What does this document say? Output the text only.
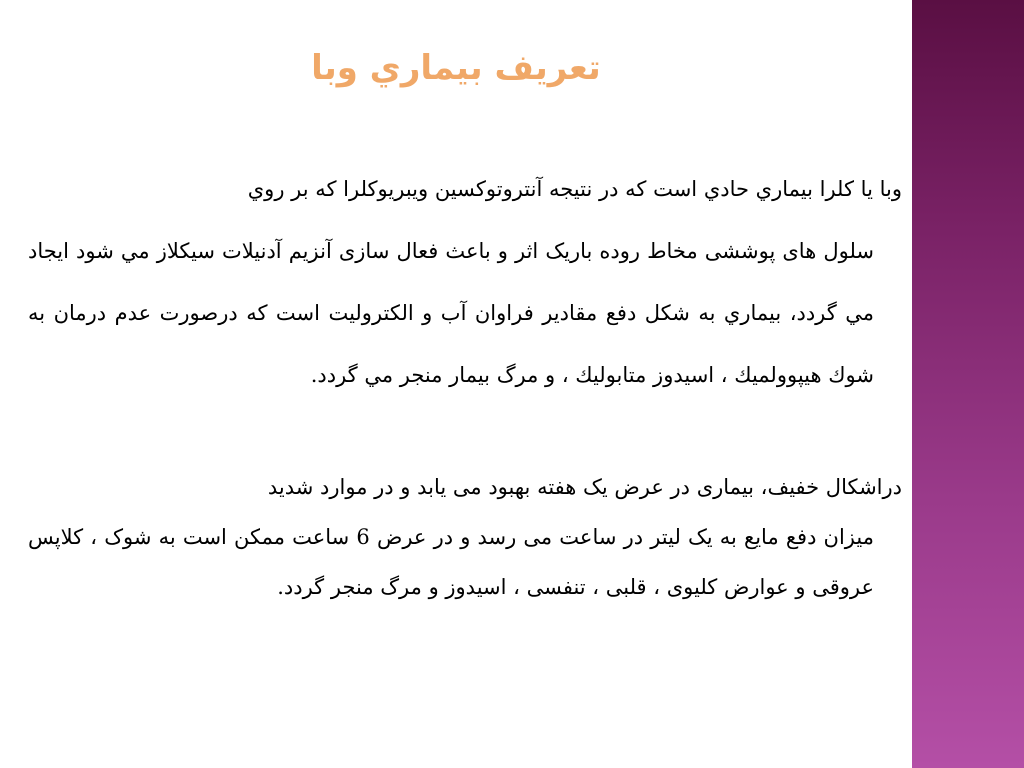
تعريف بيماري وبا
وبا يا كلرا بيماري حادي است كه در نتيجه آنتروتوكسين ويبريوكلرا كه بر روي
سلول های پوششی مخاط روده باریک اثر و باعث فعال سازی آنزیم آدنیلات سیکلاز مي شود ايجاد مي گردد، بيماري به شكل دفع مقادير فراوان آب و الكتروليت است كه درصورت عدم درمان به شوك هيپوولميك ، اسيدوز متابوليك ، و مرگ بيمار منجر مي گردد.
دراشکال خفیف، بیماری در عرض یک هفته بهبود می یابد و در موارد شدید
میزان دفع مایع به یک لیتر در ساعت می رسد و در عرض 6 ساعت ممکن است به شوک ، کلاپس عروقی و عوارض کلیوی ، قلبی ، تنفسی ، اسیدوز و مرگ منجر گردد.
